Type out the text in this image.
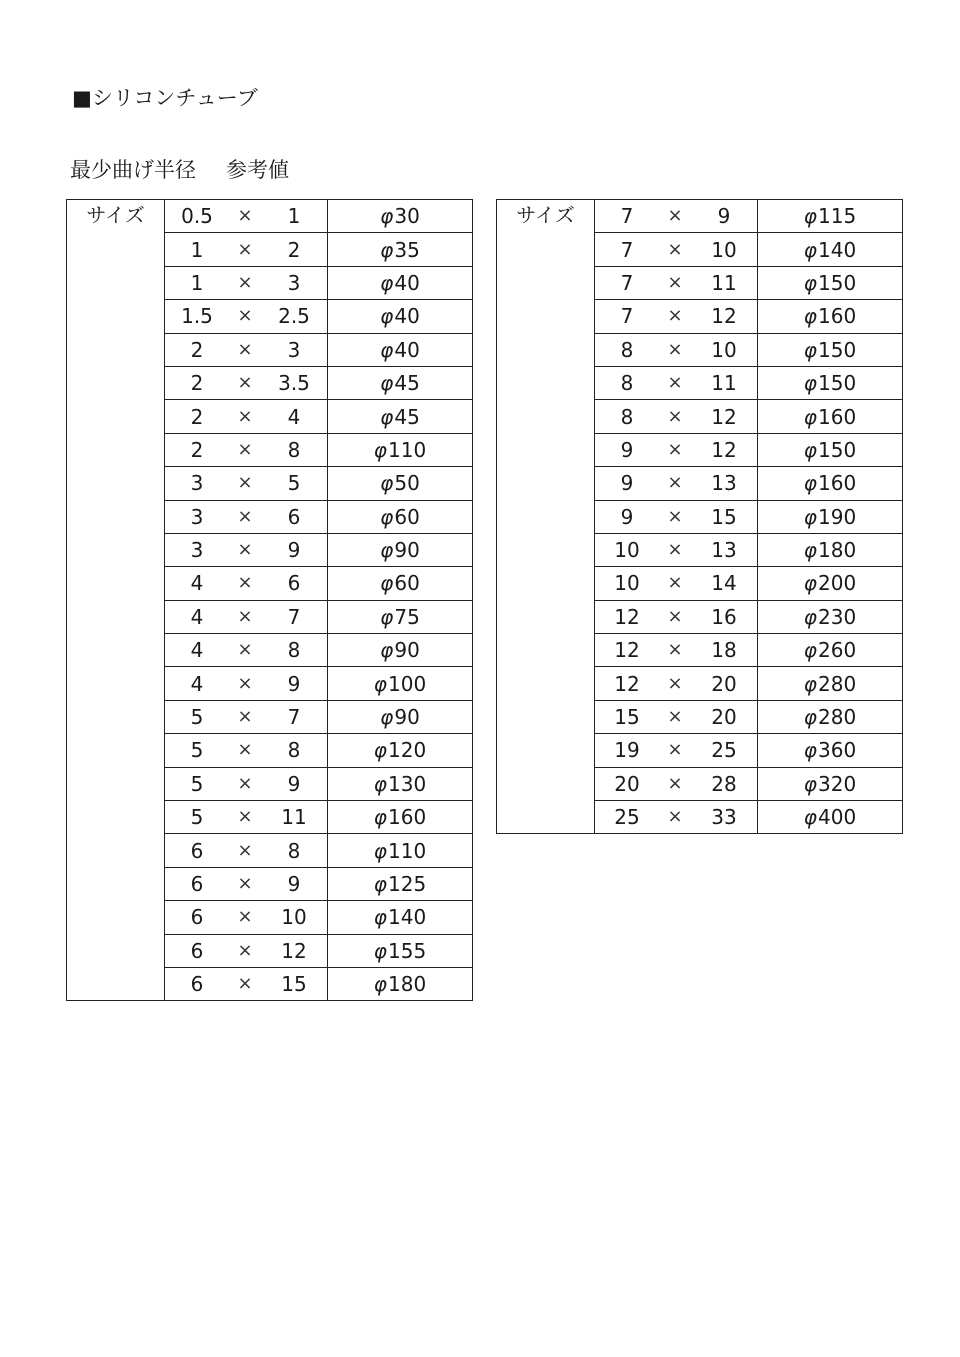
■シリコンチューブ
最少曲げ半径 参考値
サイズ	0.5 × 1	φ30

	1 × 2	φ35

	1 × 3	φ40

	1.5 × 2.5	φ40

	2 × 3	φ40

	2 × 3.5	φ45

	2 × 4	φ45

	2 × 8	φ110

	3 × 5	φ50

	3 × 6	φ60

	3 × 9	φ90

	4 × 6	φ60

	4 × 7	φ75

	4 × 8	φ90

	4 × 9	φ100

	5 × 7	φ90

	5 × 8	φ120

	5 × 9	φ130

	5 × 11	φ160

	6 × 8	φ110

	6 × 9	φ125

	6 × 10	φ140

	6 × 12	φ155

	6 × 15	φ180
サイズ	7 × 9	φ115

	7 × 10	φ140

	7 × 11	φ150

	7 × 12	φ160

	8 × 10	φ150

	8 × 11	φ150

	8 × 12	φ160

	9 × 12	φ150

	9 × 13	φ160

	9 × 15	φ190

	10 × 13	φ180

	10 × 14	φ200

	12 × 16	φ230

	12 × 18	φ260

	12 × 20	φ280

	15 × 20	φ280

	19 × 25	φ360

	20 × 28	φ320

	25 × 33	φ400
